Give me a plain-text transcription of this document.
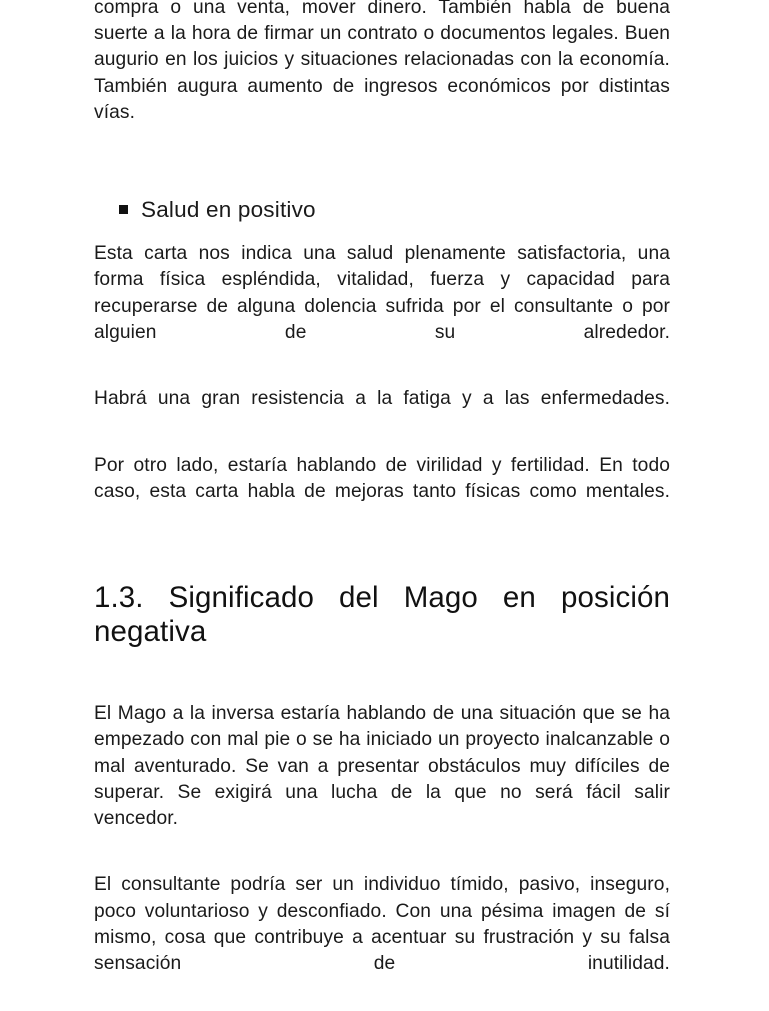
compra o una venta, mover dinero. También habla de buena suerte a la hora de firmar un contrato o documentos legales. Buen augurio en los juicios y situaciones relacionadas con la economía. También augura aumento de ingresos económicos por distintas vías.

Salud en positivo

Esta carta nos indica una salud plenamente satisfactoria, una forma física espléndida, vitalidad, fuerza y capacidad para recuperarse de alguna dolencia sufrida por el consultante o por alguien de su alrededor.

Habrá una gran resistencia a la fatiga y a las enfermedades.

Por otro lado, estaría hablando de virilidad y fertilidad. En todo caso, esta carta habla de mejoras tanto físicas como mentales.

1.3. Significado del Mago en posición negativa

El Mago a la inversa estaría hablando de una situación que se ha empezado con mal pie o se ha iniciado un proyecto inalcanzable o mal aventurado. Se van a presentar obstáculos muy difíciles de superar. Se exigirá una lucha de la que no será fácil salir vencedor.

El consultante podría ser un individuo tímido, pasivo, inseguro, poco voluntarioso y desconfiado. Con una pésima imagen de sí mismo, cosa que contribuye a acentuar su frustración y su falsa sensación de inutilidad.
